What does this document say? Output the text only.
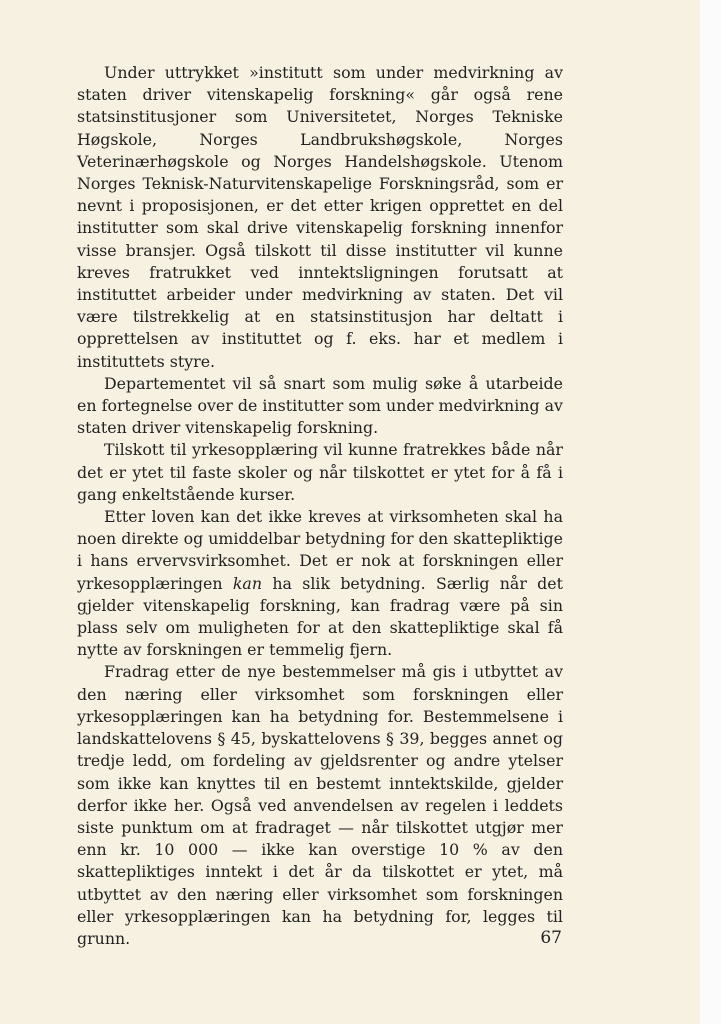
Under uttrykket »institutt som under medvirkning av staten driver vitenskapelig forskning« går også rene statsinstitusjoner som Universitetet, Norges Tekniske Høgskole, Norges Landbrukshøgskole, Norges Veterinærhøgskole og Norges Handelshøgskole. Utenom Norges Teknisk-Naturvitenskapelige Forskningsråd, som er nevnt i proposisjonen, er det etter krigen opprettet en del institutter som skal drive vitenskapelig forskning innenfor visse bransjer. Også tilskott til disse institutter vil kunne kreves fratrukket ved inntektsligningen forutsatt at instituttet arbeider under medvirkning av staten. Det vil være tilstrekkelig at en statsinstitusjon har deltatt i opprettelsen av instituttet og f. eks. har et medlem i instituttets styre.

Departementet vil så snart som mulig søke å utarbeide en fortegnelse over de institutter som under medvirkning av staten driver vitenskapelig forskning.

Tilskott til yrkesopplæring vil kunne fratrekkes både når det er ytet til faste skoler og når tilskottet er ytet for å få i gang enkeltstående kurser.

Etter loven kan det ikke kreves at virksomheten skal ha noen direkte og umiddelbar betydning for den skattepliktige i hans ervervsvirksomhet. Det er nok at forskningen eller yrkesopplæringen kan ha slik betydning. Særlig når det gjelder vitenskapelig forskning, kan fradrag være på sin plass selv om muligheten for at den skattepliktige skal få nytte av forskningen er temmelig fjern.

Fradrag etter de nye bestemmelser må gis i utbyttet av den næring eller virksomhet som forskningen eller yrkesopplæringen kan ha betydning for. Bestemmelsene i landskattelovens § 45, byskattelovens § 39, begges annet og tredje ledd, om fordeling av gjeldsrenter og andre ytelser som ikke kan knyttes til en bestemt inntektskilde, gjelder derfor ikke her. Også ved anvendelsen av regelen i leddets siste punktum om at fradraget — når tilskottet utgjør mer enn kr. 10 000 — ikke kan overstige 10 % av den skattepliktiges inntekt i det år da tilskottet er ytet, må utbyttet av den næring eller virksomhet som forskningen eller yrkesopplæringen kan ha betydning for, legges til grunn.	67
